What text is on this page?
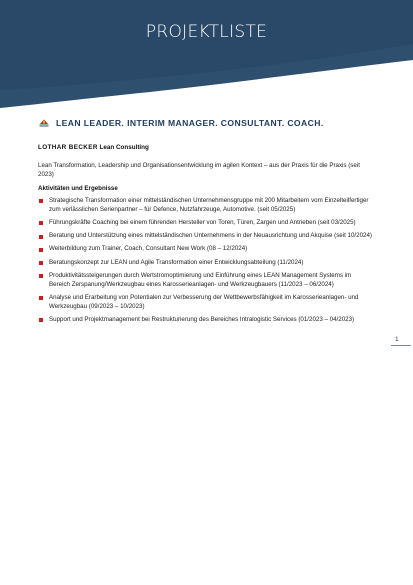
PROJEKTLISTE
LEAN LEADER. INTERIM MANAGER. CONSULTANT. COACH.
LOTHAR BECKER Lean Consulting
Lean Transformation, Leadership und Organisationsentwicklung im agilen Kontext – aus der Praxis für die Praxis (seit 2023)
Aktivitäten und Ergebnisse
Strategische Transformation einer mittelständischen Unternehmensgruppe mit 200 Mitarbeitern vom Einzelteilfertiger zum verlässlichen Serienpartner – für Defence, Nutzfahrzeuge, Automotive. (seit 05/2025)
Führungskräfte Coaching bei einem führenden Hersteller von Toren, Türen, Zargen und Antrieben (seit 03/2025)
Beratung und Unterstützung eines mittelständischen Unternehmens in der Neuausrichtung und Akquise (seit 10/2024)
Weiterbildung zum Trainer, Coach, Consultant New Work (08 – 12/2024)
Beratungskonzept zur LEAN und Agile Transformation einer Entwicklungsabteilung (11/2024)
Produktivitätssteigerungen durch Wertstromoptimierung und Einführung eines LEAN Management Systems im Bereich Zerspanung/Werkzeugbau eines Karosserieanlagen- und Werkzeugbauers (11/2023 – 06/2024)
Analyse und Erarbeitung von Potentialen zur Verbesserung der Wettbewerbsfähigkeit im Karosserieanlagen- und Werkzeugbau (09/2023 – 10/2023)
Support und Projektmanagement bei Restrukturierung des Bereiches Intralogistic Services (01/2023 – 04/2023)
1
